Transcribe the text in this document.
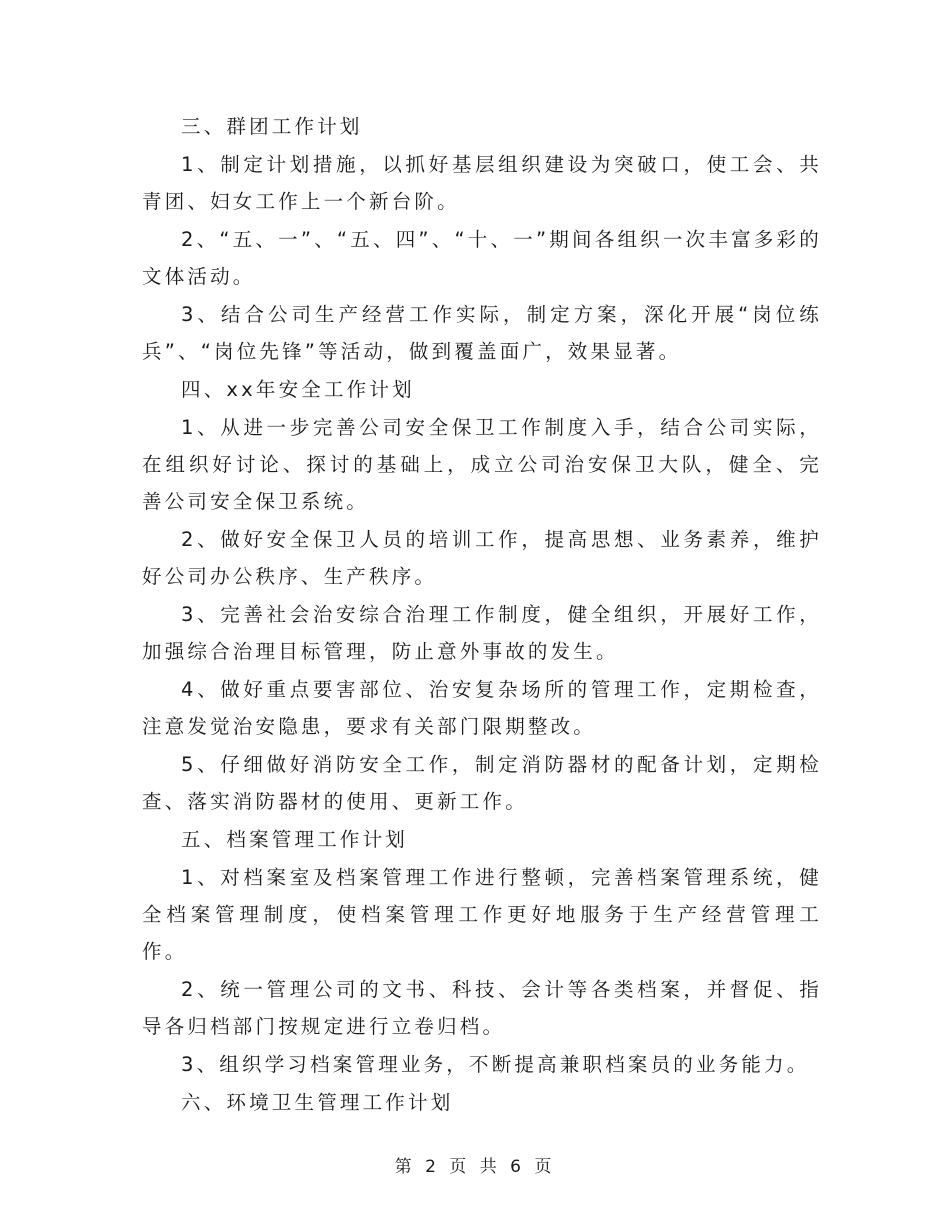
三、群团工作计划

1、制定计划措施，以抓好基层组织建设为突破口，使工会、共青团、妇女工作上一个新台阶。

2、“五、一”、“五、四”、“十、一”期间各组织一次丰富多彩的文体活动。

3、结合公司生产经营工作实际，制定方案，深化开展“岗位练兵”、“岗位先锋”等活动，做到覆盖面广，效果显著。

四、xx年安全工作计划

1、从进一步完善公司安全保卫工作制度入手，结合公司实际，在组织好讨论、探讨的基础上，成立公司治安保卫大队，健全、完善公司安全保卫系统。

2、做好安全保卫人员的培训工作，提高思想、业务素养，维护好公司办公秩序、生产秩序。

3、完善社会治安综合治理工作制度，健全组织，开展好工作，加强综合治理目标管理，防止意外事故的发生。

4、做好重点要害部位、治安复杂场所的管理工作，定期检查，注意发觉治安隐患，要求有关部门限期整改。

5、仔细做好消防安全工作，制定消防器材的配备计划，定期检查、落实消防器材的使用、更新工作。

五、档案管理工作计划

1、对档案室及档案管理工作进行整顿，完善档案管理系统，健全档案管理制度，使档案管理工作更好地服务于生产经营管理工作。

2、统一管理公司的文书、科技、会计等各类档案，并督促、指导各归档部门按规定进行立卷归档。

3、组织学习档案管理业务，不断提高兼职档案员的业务能力。

六、环境卫生管理工作计划

第 2 页 共 6 页
